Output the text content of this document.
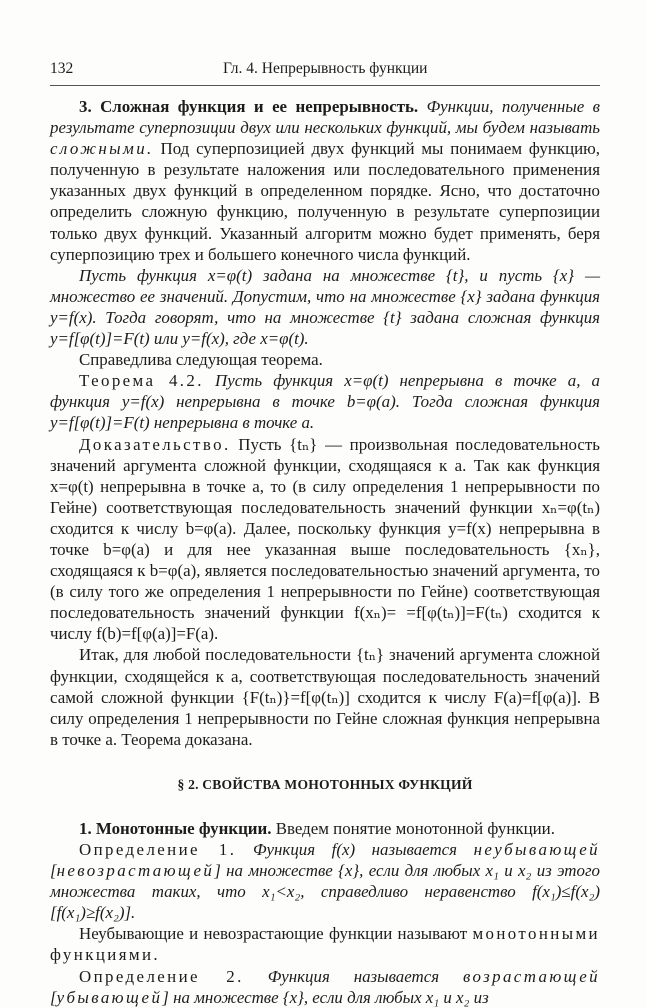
132	Гл. 4. Непрерывность функции

3. Сложная функция и ее непрерывность. Функции, полученные в результате суперпозиции двух или нескольких функций, мы будем называть сложными. Под суперпозицией двух функций мы понимаем функцию, полученную в результате наложения или последовательного применения указанных двух функций в определенном порядке. Ясно, что достаточно определить сложную функцию, полученную в результате суперпозиции только двух функций. Указанный алгоритм можно будет применять, беря суперпозицию трех и большего конечного числа функций.

Пусть функция x=φ(t) задана на множестве {t}, и пусть {x} — множество ее значений. Допустим, что на множестве {x} задана функция y=f(x). Тогда говорят, что на множестве {t} задана сложная функция y=f[φ(t)]=F(t) или y=f(x), где x=φ(t).

Справедлива следующая теорема.

Теорема 4.2. Пусть функция x=φ(t) непрерывна в точке a, а функция y=f(x) непрерывна в точке b=φ(a). Тогда сложная функция y=f[φ(t)]=F(t) непрерывна в точке a.

Доказательство. Пусть {tₙ} — произвольная последовательность значений аргумента сложной функции, сходящаяся к a. Так как функция x=φ(t) непрерывна в точке a, то (в силу определения 1 непрерывности по Гейне) соответствующая последовательность значений функции xₙ=φ(tₙ) сходится к числу b=φ(a). Далее, поскольку функция y=f(x) непрерывна в точке b=φ(a) и для нее указанная выше последовательность {xₙ}, сходящаяся к b=φ(a), является последовательностью значений аргумента, то (в силу того же определения 1 непрерывности по Гейне) соответствующая последовательность значений функции f(xₙ)= =f[φ(tₙ)]=F(tₙ) сходится к числу f(b)=f[φ(a)]=F(a).

Итак, для любой последовательности {tₙ} значений аргумента сложной функции, сходящейся к a, соответствующая последовательность значений самой сложной функции {F(tₙ)}=f[φ(tₙ)] сходится к числу F(a)=f[φ(a)]. В силу определения 1 непрерывности по Гейне сложная функция непрерывна в точке a. Теорема доказана.

§ 2. СВОЙСТВА МОНОТОННЫХ ФУНКЦИЙ

1. Монотонные функции. Введем понятие монотонной функции.

Определение 1. Функция f(x) называется неубывающей [невозрастающей] на множестве {x}, если для любых x₁ и x₂ из этого множества таких, что x₁<x₂, справедливо неравенство f(x₁)≤f(x₂) [f(x₁)≥f(x₂)].

Неубывающие и невозрастающие функции называют монотонными функциями.

Определение 2. Функция называется возрастающей [убывающей] на множестве {x}, если для любых x₁ и x₂ из
